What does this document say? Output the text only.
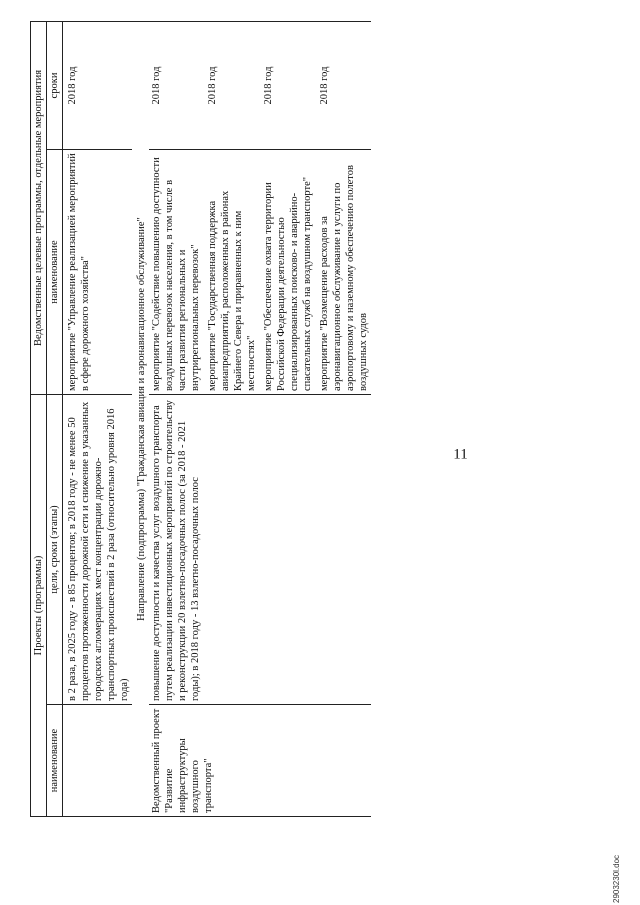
11
2903230l.doc
Проекты (программы)		Ведомственные целевые программы, отдельные мероприятия	
наименование	цели, сроки (этапы)	наименование	сроки
	в 2 раза, в 2025 году - в 85 процентов; в 2018 году - не менее 50 процентов протяженности дорожной сети и снижение в указанных городских агломерациях мест концентрации дорожно-транспортных происшествий в 2 раза (относительно уровня 2016 года)	мероприятие "Управление реализацией мероприятий в сфере дорожного хозяйства"	2018 год
Направление (подпрограмма) "Гражданская авиация и аэронавигационное обслуживание"			
Ведомственный проект "Развитие инфраструктуры воздушного транспорта"	повышение доступности и качества услуг воздушного транспорта путем реализации инвестиционных мероприятий по строительству и реконструкции 20 взлетно-посадочных полос (за 2018 - 2021 годы); в 2018 году - 13 взлетно-посадочных полос	мероприятие "Содействие повышению доступности воздушных перевозок населения, в том числе в части развития региональных и внутрирегиональных перевозок"	2018 год
		мероприятие "Государственная поддержка авиапредприятий, расположенных в районах Крайнего Севера и приравненных к ним местностях"	2018 год
		мероприятие "Обеспечение охвата территории Российской Федерации деятельностью специализированных поисково- и аварийно-спасательных служб на воздушном транспорте"	2018 год
		мероприятие "Возмещение расходов за аэронавигационное обслуживание и услуги по аэропортовому и наземному обеспечению полетов воздушных судов	2018 год
